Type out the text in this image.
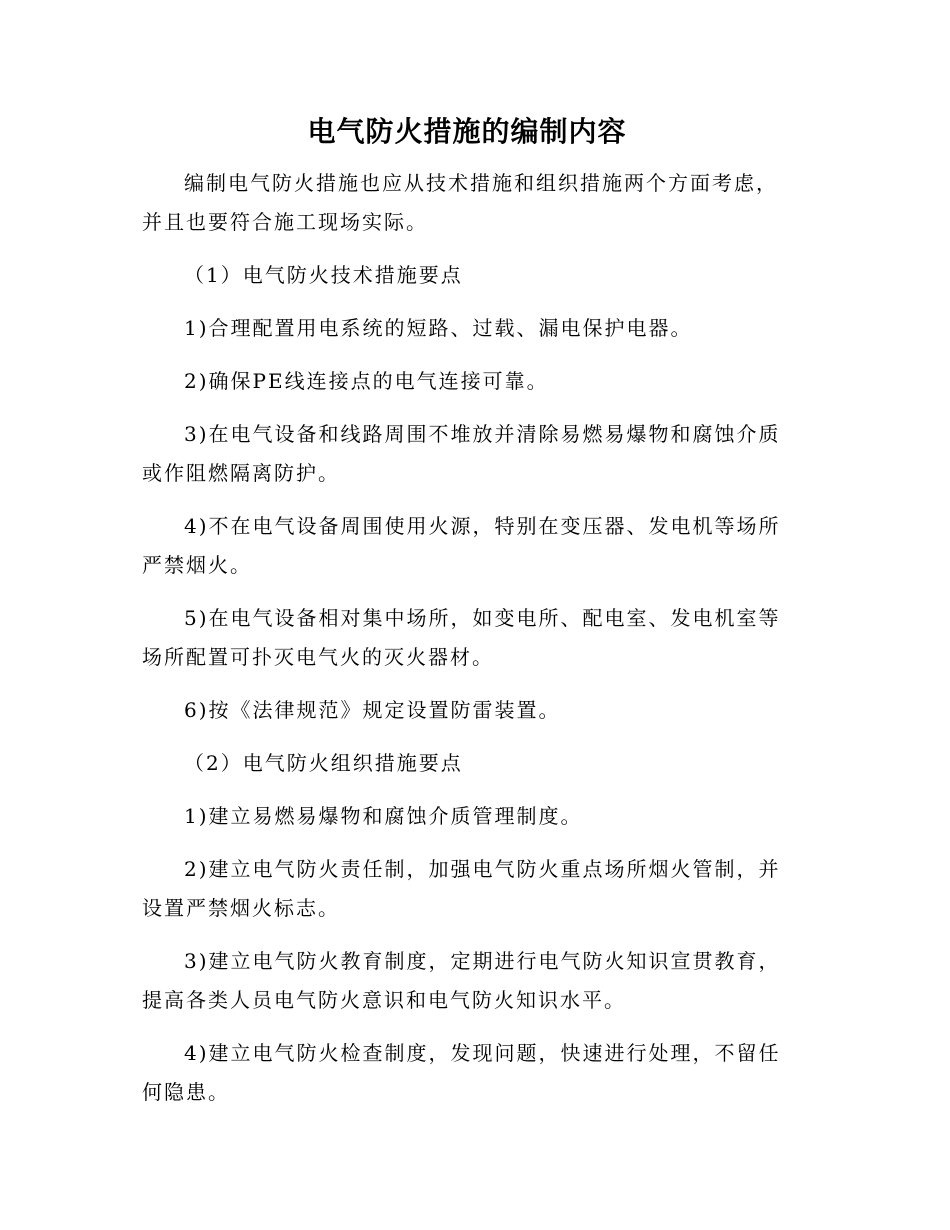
电气防火措施的编制内容

编制电气防火措施也应从技术措施和组织措施两个方面考虑，并且也要符合施工现场实际。

（1）电气防火技术措施要点

1)合理配置用电系统的短路、过载、漏电保护电器。

2)确保PE线连接点的电气连接可靠。

3)在电气设备和线路周围不堆放并清除易燃易爆物和腐蚀介质或作阻燃隔离防护。

4)不在电气设备周围使用火源，特别在变压器、发电机等场所严禁烟火。

5)在电气设备相对集中场所，如变电所、配电室、发电机室等场所配置可扑灭电气火的灭火器材。

6)按《法律规范》规定设置防雷装置。

（2）电气防火组织措施要点

1)建立易燃易爆物和腐蚀介质管理制度。

2)建立电气防火责任制，加强电气防火重点场所烟火管制，并设置严禁烟火标志。

3)建立电气防火教育制度，定期进行电气防火知识宣贯教育，提高各类人员电气防火意识和电气防火知识水平。

4)建立电气防火检查制度，发现问题，快速进行处理，不留任何隐患。
